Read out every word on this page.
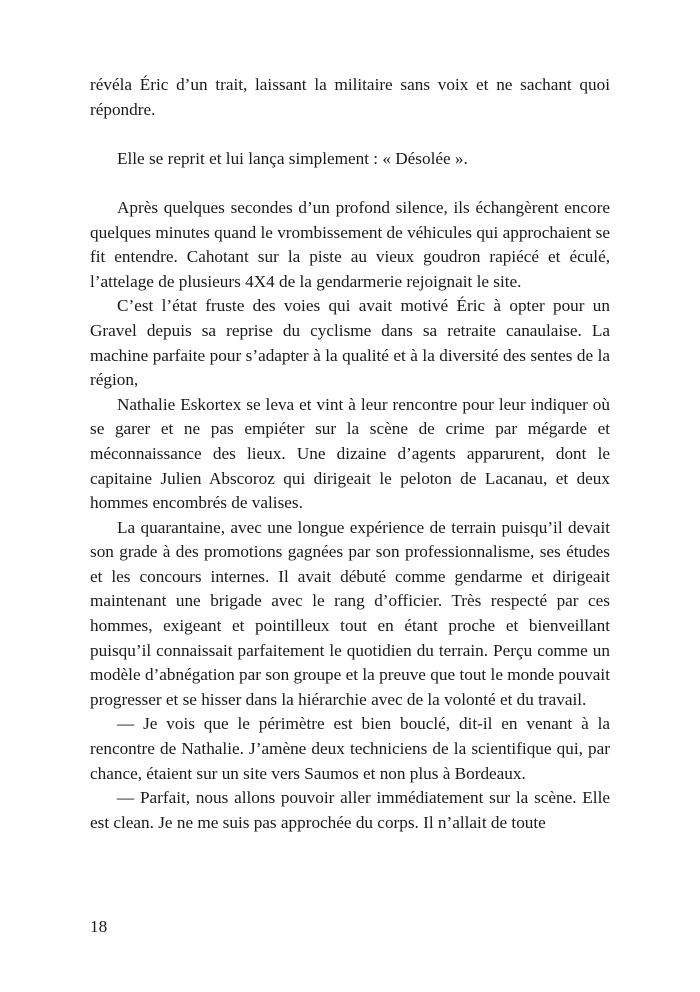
révéla Éric d’un trait, laissant la militaire sans voix et ne sachant quoi répondre.

Elle se reprit et lui lança simplement : « Désolée ».

Après quelques secondes d’un profond silence, ils échangèrent encore quelques minutes quand le vrombissement de véhicules qui approchaient se fit entendre. Cahotant sur la piste au vieux goudron rapiécé et éculé, l’attelage de plusieurs 4X4 de la gendarmerie rejoignait le site.

C’est l’état fruste des voies qui avait motivé Éric à opter pour un Gravel depuis sa reprise du cyclisme dans sa retraite canaulaise. La machine parfaite pour s’adapter à la qualité et à la diversité des sentes de la région,

Nathalie Eskortex se leva et vint à leur rencontre pour leur indiquer où se garer et ne pas empiéter sur la scène de crime par mégarde et méconnaissance des lieux. Une dizaine d’agents apparurent, dont le capitaine Julien Abscoroz qui dirigeait le peloton de Lacanau, et deux hommes encombrés de valises.

La quarantaine, avec une longue expérience de terrain puisqu’il devait son grade à des promotions gagnées par son professionnalisme, ses études et les concours internes. Il avait débuté comme gendarme et dirigeait maintenant une brigade avec le rang d’officier. Très respecté par ces hommes, exigeant et pointilleux tout en étant proche et bienveillant puisqu’il connaissait parfaitement le quotidien du terrain. Perçu comme un modèle d’abnégation par son groupe et la preuve que tout le monde pouvait progresser et se hisser dans la hiérarchie avec de la volonté et du travail.

— Je vois que le périmètre est bien bouclé, dit-il en venant à la rencontre de Nathalie. J’amène deux techniciens de la scientifique qui, par chance, étaient sur un site vers Saumos et non plus à Bordeaux.

— Parfait, nous allons pouvoir aller immédiatement sur la scène. Elle est clean. Je ne me suis pas approchée du corps. Il n’allait de toute

18
